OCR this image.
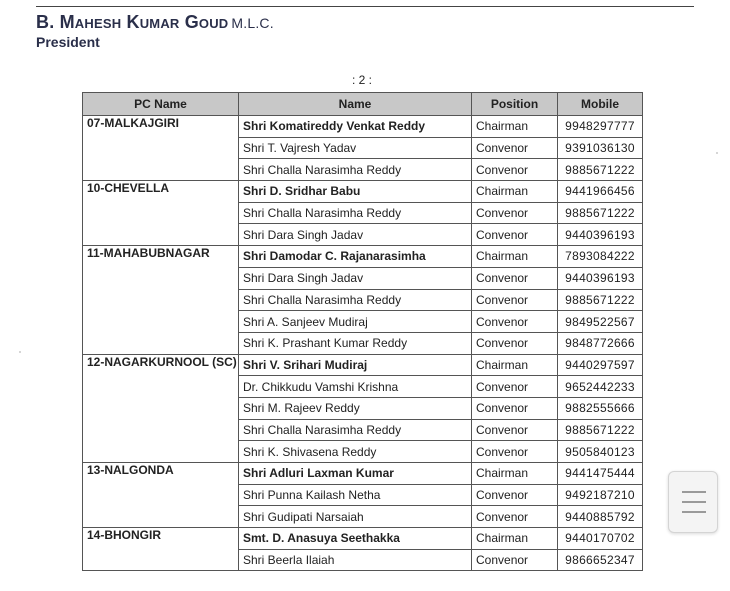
B. Mahesh Kumar Goud M.L.C.
President
: 2 :
PC Name	Name	Position	Mobile
07-MALKAJGIRI	Shri Komatireddy Venkat Reddy	Chairman	9948297777
	Shri T. Vajresh Yadav	Convenor	9391036130
	Shri Challa Narasimha Reddy	Convenor	9885671222
10-CHEVELLA	Shri D. Sridhar Babu	Chairman	9441966456
	Shri Challa Narasimha Reddy	Convenor	9885671222
	Shri Dara Singh Jadav	Convenor	9440396193
11-MAHABUBNAGAR	Shri Damodar C. Rajanarasimha	Chairman	7893084222
	Shri Dara Singh Jadav	Convenor	9440396193
	Shri Challa Narasimha Reddy	Convenor	9885671222
	Shri A. Sanjeev Mudiraj	Convenor	9849522567
	Shri K. Prashant Kumar Reddy	Convenor	9848772666
12-NAGARKURNOOL (SC)	Shri V. Srihari Mudiraj	Chairman	9440297597
	Dr. Chikkudu Vamshi Krishna	Convenor	9652442233
	Shri M. Rajeev Reddy	Convenor	9882555666
	Shri Challa Narasimha Reddy	Convenor	9885671222
	Shri K. Shivasena Reddy	Convenor	9505840123
13-NALGONDA	Shri Adluri Laxman Kumar	Chairman	9441475444
	Shri Punna Kailash Netha	Convenor	9492187210
	Shri Gudipati Narsaiah	Convenor	9440885792
14-BHONGIR	Smt. D. Anasuya Seethakka	Chairman	9440170702
	Shri Beerla Ilaiah	Convenor	9866652347
